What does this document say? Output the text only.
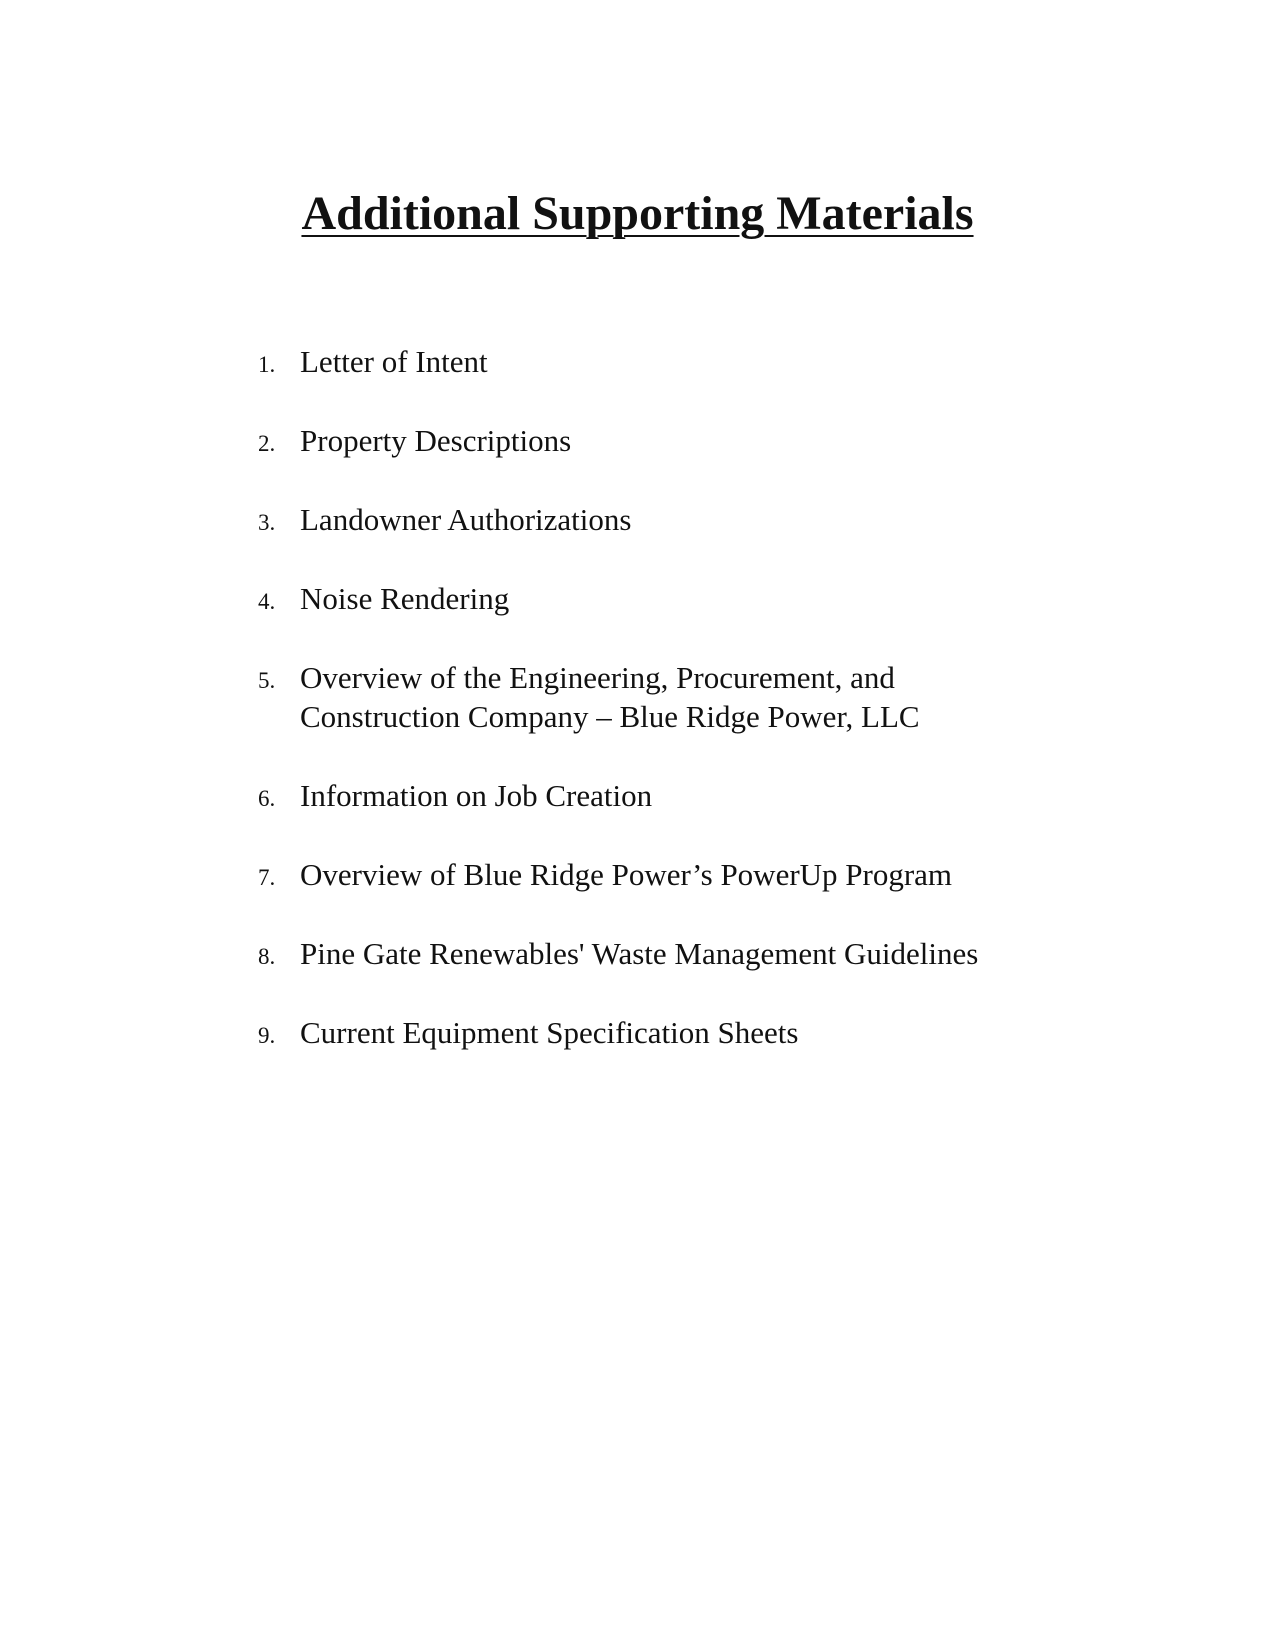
Additional Supporting Materials
1. Letter of Intent
2. Property Descriptions
3. Landowner Authorizations
4. Noise Rendering
5. Overview of the Engineering, Procurement, and Construction Company – Blue Ridge Power, LLC
6. Information on Job Creation
7. Overview of Blue Ridge Power’s PowerUp Program
8. Pine Gate Renewables' Waste Management Guidelines
9. Current Equipment Specification Sheets
